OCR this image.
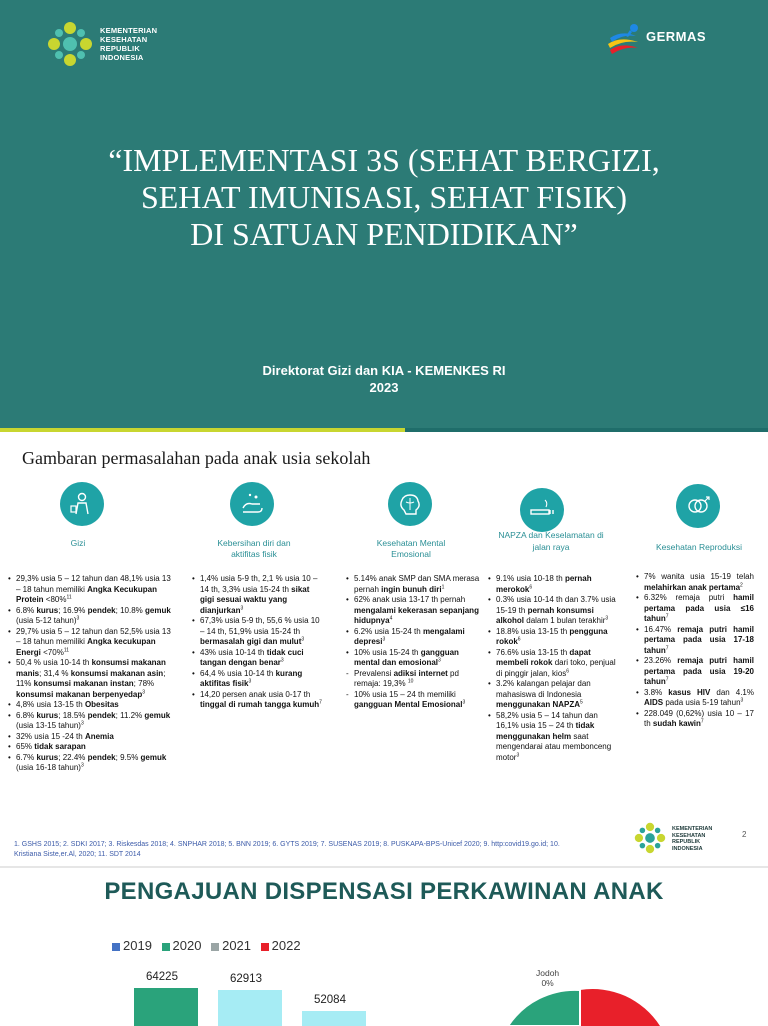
KEMENTERIAN
KESEHATAN
REPUBLIK
INDONESIA
GERMAS
“IMPLEMENTASI 3S (SEHAT BERGIZI,
SEHAT IMUNISASI, SEHAT FISIK)
DI SATUAN PENDIDIKAN”
Direktorat Gizi dan KIA - KEMENKES RI
2023
Gambaran permasalahan pada anak usia sekolah
Gizi
• 29,3% usia 5 – 12 tahun dan 48,1% usia 13 – 18 tahun memiliki Angka Kecukupan Protein <80%$^{11}$
• 6.8% kurus; 16.9% pendek; 10.8% gemuk (usia 5-12 tahun)$^3$
• 29,7% usia 5 – 12 tahun dan 52,5% usia 13 – 18 tahun memiliki Angka kecukupan Energi <70%$^{11}$
• 50,4 % usia 10-14 th konsumsi makanan manis; 31,4 % konsumsi makanan asin; 11% konsumsi makanan instan; 78% konsumsi makanan berpenyedap$^3$
• 4,8% usia 13-15 th Obesitas
• 6.8% kurus; 18.5% pendek; 11.2% gemuk (usia 13-15 tahun)$^3$
• 32% usia 15 -24 th Anemia
• 65% tidak sarapan
• 6.7% kurus; 22.4% pendek; 9.5% gemuk (usia 16-18 tahun)$^3$
Kebersihan diri dan aktifitas fisik
• 1,4% usia 5-9 th, 2,1 % usia 10 – 14 th, 3,3% usia 15-24 th sikat gigi sesuai waktu yang dianjurkan$^3$
• 67,3% usia 5-9 th, 55,6 % usia 10 – 14 th, 51,9% usia 15-24 th bermasalah gigi dan mulut$^3$
• 43% usia 10-14 th tidak cuci tangan dengan benar$^3$
• 64,4 % usia 10-14 th kurang aktifitas fisik$^3$
• 14,20 persen anak usia 0-17 th tinggal di rumah tangga kumuh$^7$
Kesehatan Mental Emosional
• 5.14% anak SMP dan SMA merasa pernah ingin bunuh diri$^1$
• 62% anak usia 13-17 th pernah mengalami kekerasan sepanjang hidupnya$^4$
• 6.2% usia 15-24 th mengalami depresi$^3$
• 10% usia 15-24 th gangguan mental dan emosional$^3$
- Prevalensi adiksi internet pd remaja: 19,3% $^{10}$
- 10% usia 15 – 24 th memiliki gangguan Mental Emosional$^3$
NAPZA dan Keselamatan di jalan raya
• 9.1% usia 10-18 th pernah merokok$^6$
• 0.3% usia 10-14 th dan 3.7% usia 15-19 th pernah konsumsi alkohol dalam 1 bulan terakhir$^3$
• 18.8% usia 13-15 th pengguna rokok$^6$
• 76.6% usia 13-15 th dapat membeli rokok dari toko, penjual di pinggir jalan, kios$^6$
• 3.2% kalangan pelajar dan mahasiswa di Indonesia menggunakan NAPZA$^5$
• 58,2% usia 5 – 14 tahun dan 16,1% usia 15 – 24 th tidak menggunakan helm saat mengendarai atau membonceng motor$^3$
Kesehatan Reproduksi
• 7% wanita usia 15-19 telah melahirkan anak pertama$^2$
• 6.32% remaja putri hamil pertama pada usia ≤16 tahun$^7$
• 16.47% remaja putri hamil pertama pada usia 17-18 tahun$^7$
• 23.26% remaja putri hamil pertama pada usia 19-20 tahun$^7$
• 3.8% kasus HIV dan 4.1% AIDS pada usia 5-19 tahun$^3$
• 228.049 (0,62%) usia 10 – 17 th sudah kawin$^7$
1. GSHS 2015; 2. SDKI 2017; 3. Riskesdas 2018; 4. SNPHAR 2018; 5. BNN 2019; 6. GYTS 2019; 7. SUSENAS 2019; 8. PUSKAPA-BPS-Unicef 2020; 9. http:covid19.go.id; 10.
Kristiana Siste,er.Al, 2020; 11. SDT 2014
KEMENTERIAN
KESEHATAN
REPUBLIK
INDONESIA
2
PENGAJUAN DISPENSASI PERKAWINAN ANAK
2019 2020 2021 2022
64225	62913
52084
Jodoh
0%
